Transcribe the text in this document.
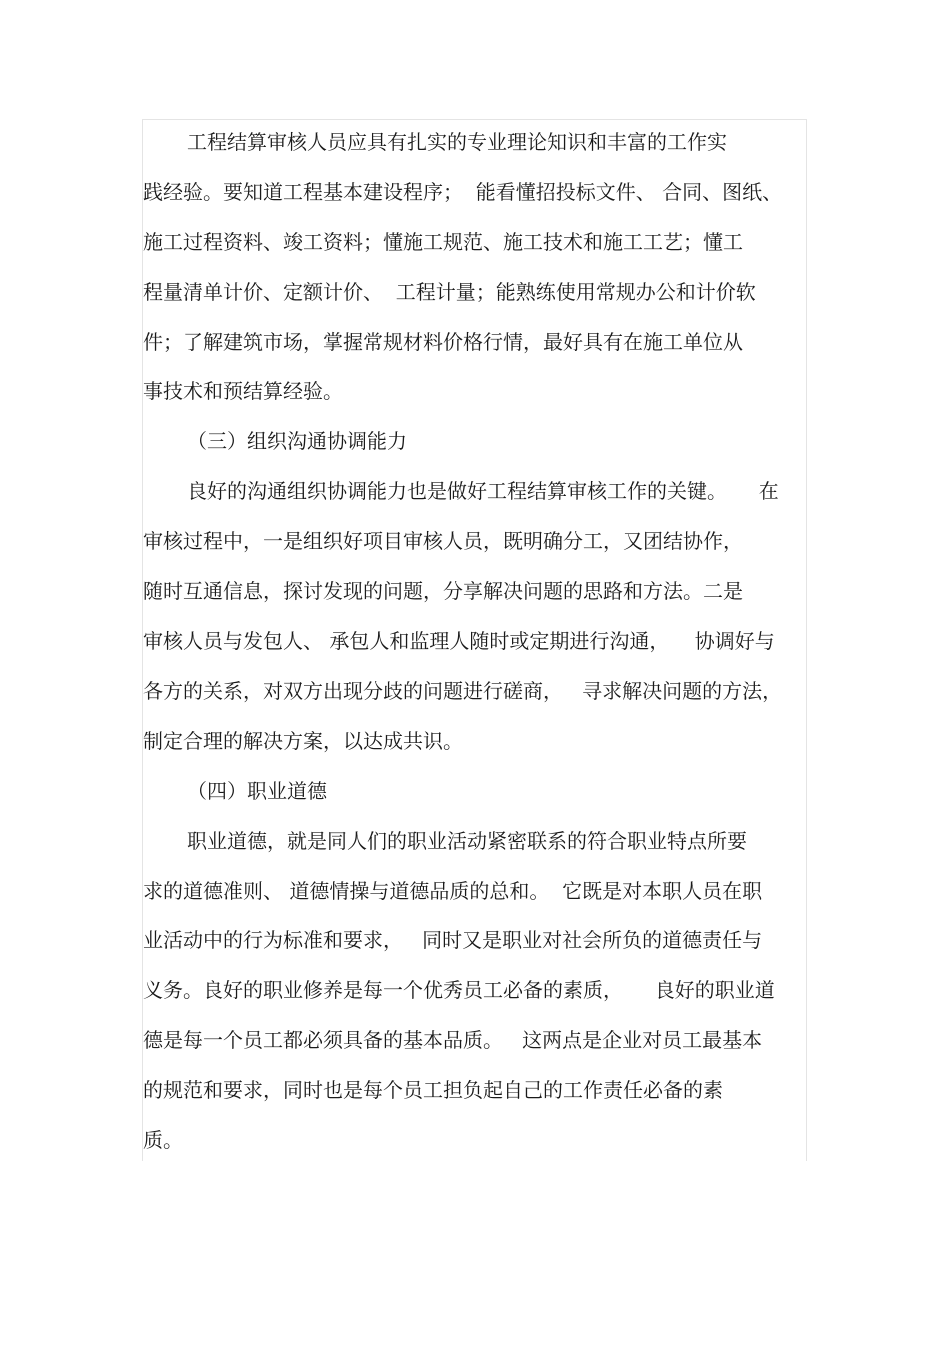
工程结算审核人员应具有扎实的专业理论知识和丰富的工作实
践经验。要知道工程基本建设程序；  能看懂招投标文件、 合同、图纸、
施工过程资料、竣工资料；懂施工规范、施工技术和施工工艺；懂工
程量清单计价、定额计价、  工程计量；能熟练使用常规办公和计价软
件；了解建筑市场，掌握常规材料价格行情，最好具有在施工单位从
事技术和预结算经验。
（三）组织沟通协调能力
良好的沟通组织协调能力也是做好工程结算审核工作的关键。     在
审核过程中，一是组织好项目审核人员，既明确分工，又团结协作，
随时互通信息，探讨发现的问题，分享解决问题的思路和方法。二是
审核人员与发包人、 承包人和监理人随时或定期进行沟通，    协调好与
各方的关系，对双方出现分歧的问题进行磋商，   寻求解决问题的方法，
制定合理的解决方案，以达成共识。
（四）职业道德
职业道德，就是同人们的职业活动紧密联系的符合职业特点所要
求的道德准则、 道德情操与道德品质的总和。  它既是对本职人员在职
业活动中的行为标准和要求，   同时又是职业对社会所负的道德责任与
义务。良好的职业修养是每一个优秀员工必备的素质，     良好的职业道
德是每一个员工都必须具备的基本品质。   这两点是企业对员工最基本
的规范和要求，同时也是每个员工担负起自己的工作责任必备的素
质。
